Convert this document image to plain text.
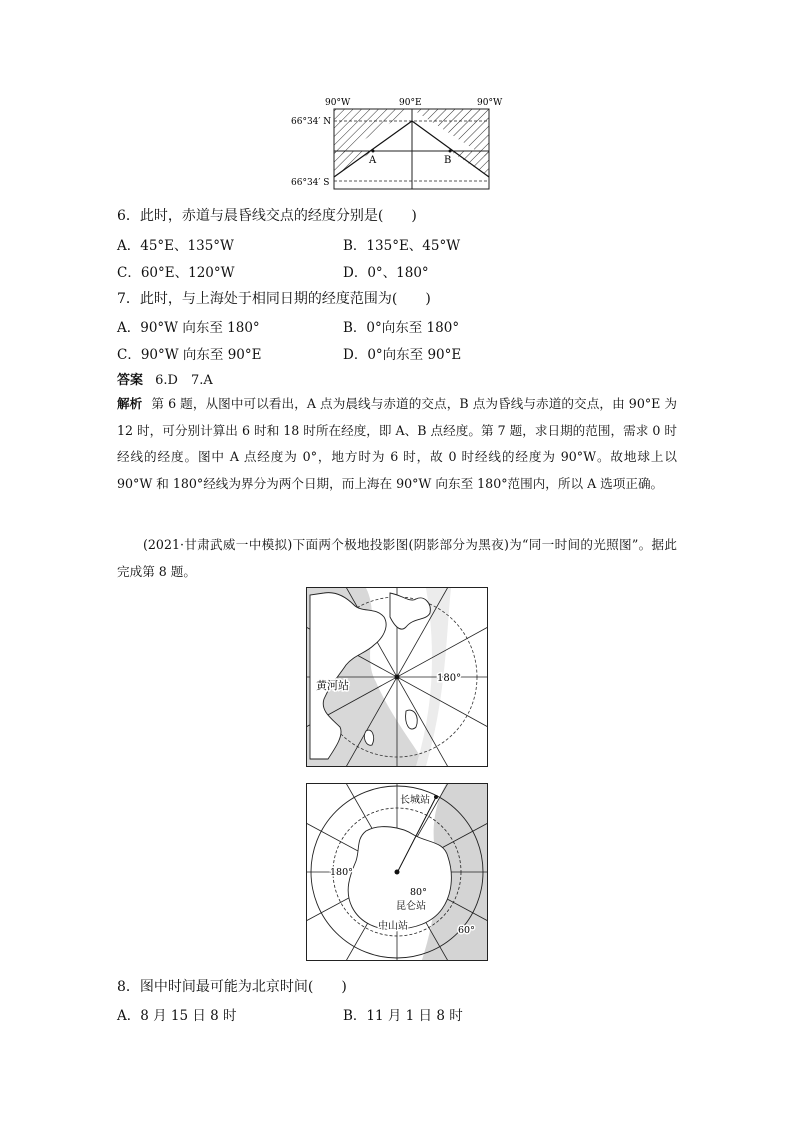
90°W	90°E	90°W
66°34′ N
66°34′ S
A	B
6．此时，赤道与晨昏线交点的经度分别是(　　)
A．45°E、135°W	B．135°E、45°W
C．60°E、120°W	D．0°、180°
7．此时，与上海处于相同日期的经度范围为(　　)
A．90°W 向东至 180°	B．0°向东至 180°
C．90°W 向东至 90°E	D．0°向东至 90°E
答案 6.D　7.A
解析 第 6 题，从图中可以看出，A 点为晨线与赤道的交点，B 点为昏线与赤道的交点，由 90°E 为 12 时，可分别计算出 6 时和 18 时所在经度，即 A、B 点经度。第 7 题，求日期的范围，需求 0 时经线的经度。图中 A 点经度为 0°，地方时为 6 时，故 0 时经线的经度为 90°W。故地球上以 90°W 和 180°经线为界分为两个日期，而上海在 90°W 向东至 180°范围内，所以 A 选项正确。
(2021·甘肃武威一中模拟)下面两个极地投影图(阴影部分为黑夜)为“同一时间的光照图”。据此完成第 8 题。
180°
黄河站
长城站
180°
80°
昆仑站
中山站	60°
8．图中时间最可能为北京时间(　　)
A．8 月 15 日 8 时	B．11 月 1 日 8 时
